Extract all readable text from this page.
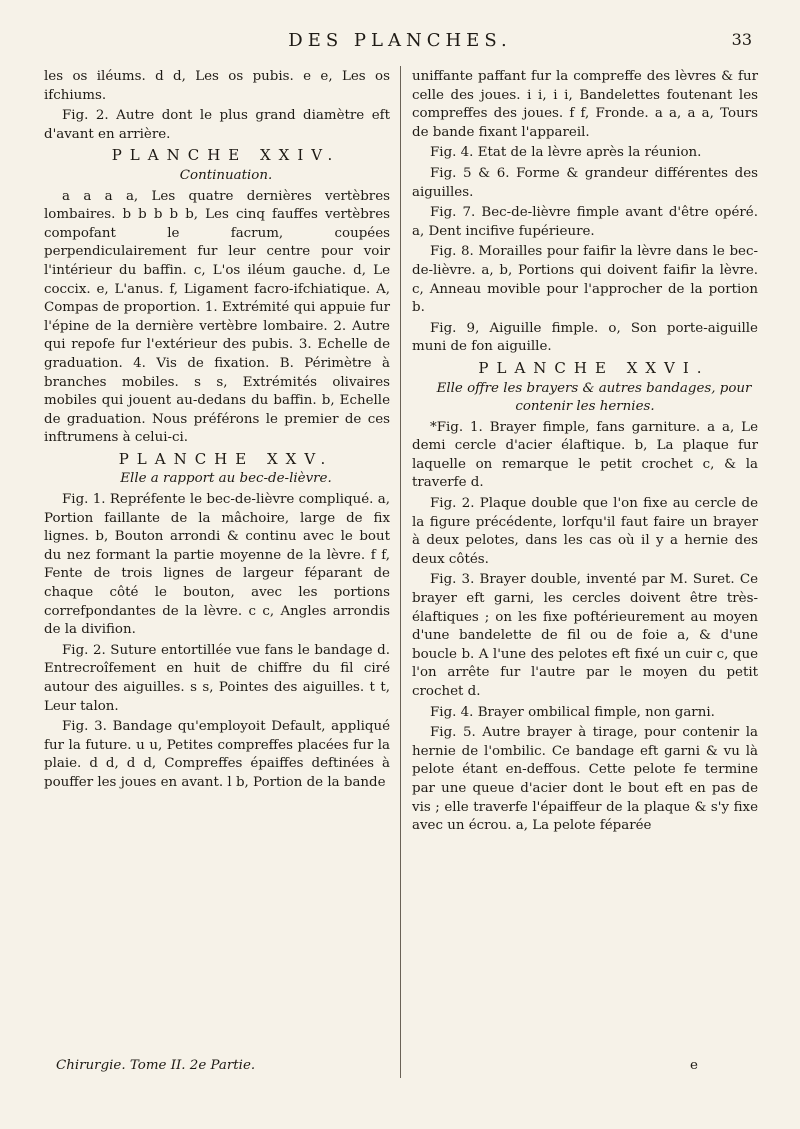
DES PLANCHES.	33

les os iléums. d d, Les os pubis. e e, Les os ifchiums.

Fig. 2. Autre dont le plus grand diamètre eft d'avant en arrière.

PLANCHE XXIV.

Continuation.

a a a a, Les quatre dernières vertèbres lombaires. b b b b b, Les cinq fauffes vertèbres compofant le facrum, coupées perpendiculairement fur leur centre pour voir l'intérieur du baffin. c, L'os iléum gauche. d, Le coccix. e, L'anus. f, Ligament facro-ifchiatique. A, Compas de proportion. 1. Extrémité qui appuie fur l'épine de la dernière vertèbre lombaire. 2. Autre qui repofe fur l'extérieur des pubis. 3. Echelle de graduation. 4. Vis de fixation. B. Périmètre à branches mobiles. s s, Extrémités olivaires mobiles qui jouent au-dedans du baffin. b, Echelle de graduation. Nous préférons le premier de ces inftrumens à celui-ci.

PLANCHE XXV.

Elle a rapport au bec-de-lièvre.

Fig. 1. Repréfente le bec-de-lièvre compliqué. a, Portion faillante de la mâchoire, large de fix lignes. b, Bouton arrondi & continu avec le bout du nez formant la partie moyenne de la lèvre. f f, Fente de trois lignes de largeur féparant de chaque côté le bouton, avec les portions correfpondantes de la lèvre. c c, Angles arrondis de la divifion.

Fig. 2. Suture entortillée vue fans le bandage d. Entrecroîfement en huit de chiffre du fil ciré autour des aiguilles. s s, Pointes des aiguilles. t t, Leur talon.

Fig. 3. Bandage qu'employoit Default, appliqué fur la future. u u, Petites compreffes placées fur la plaie. d d, d d, Compreffes épaiffes deftinées à pouffer les joues en avant. l b, Portion de la bande

uniffante paffant fur la compreffe des lèvres & fur celle des joues. i i, i i, Bandelettes foutenant les compreffes des joues. f f, Fronde. a a, a a, Tours de bande fixant l'appareil.

Fig. 4. Etat de la lèvre après la réunion.

Fig. 5 & 6. Forme & grandeur différentes des aiguilles.

Fig. 7. Bec-de-lièvre fimple avant d'être opéré. a, Dent incifive fupérieure.

Fig. 8. Morailles pour faifir la lèvre dans le bec-de-lièvre. a, b, Portions qui doivent faifir la lèvre. c, Anneau movible pour l'approcher de la portion b.

Fig. 9, Aiguille fimple. o, Son porte-aiguille muni de fon aiguille.

PLANCHE XXVI.

Elle offre les brayers & autres bandages, pour contenir les hernies.

*Fig. 1. Brayer fimple, fans garniture. a a, Le demi cercle d'acier élaftique. b, La plaque fur laquelle on remarque le petit crochet c, & la traverfe d.

Fig. 2. Plaque double que l'on fixe au cercle de la figure précédente, lorfqu'il faut faire un brayer à deux pelotes, dans les cas où il y a hernie des deux côtés.

Fig. 3. Brayer double, inventé par M. Suret. Ce brayer eft garni, les cercles doivent être très-élaftiques ; on les fixe poftérieurement au moyen d'une bandelette de fil ou de foie a, & d'une boucle b. A l'une des pelotes eft fixé un cuir c, que l'on arrête fur l'autre par le moyen du petit crochet d.

Fig. 4. Brayer ombilical fimple, non garni.

Fig. 5. Autre brayer à tirage, pour contenir la hernie de l'ombilic. Ce bandage eft garni & vu là pelote étant en-deffous. Cette pelote fe termine par une queue d'acier dont le bout eft en pas de vis ; elle traverfe l'épaiffeur de la plaque & s'y fixe avec un écrou. a, La pelote féparée

Chirurgie. Tome II. 2e Partie.	e
